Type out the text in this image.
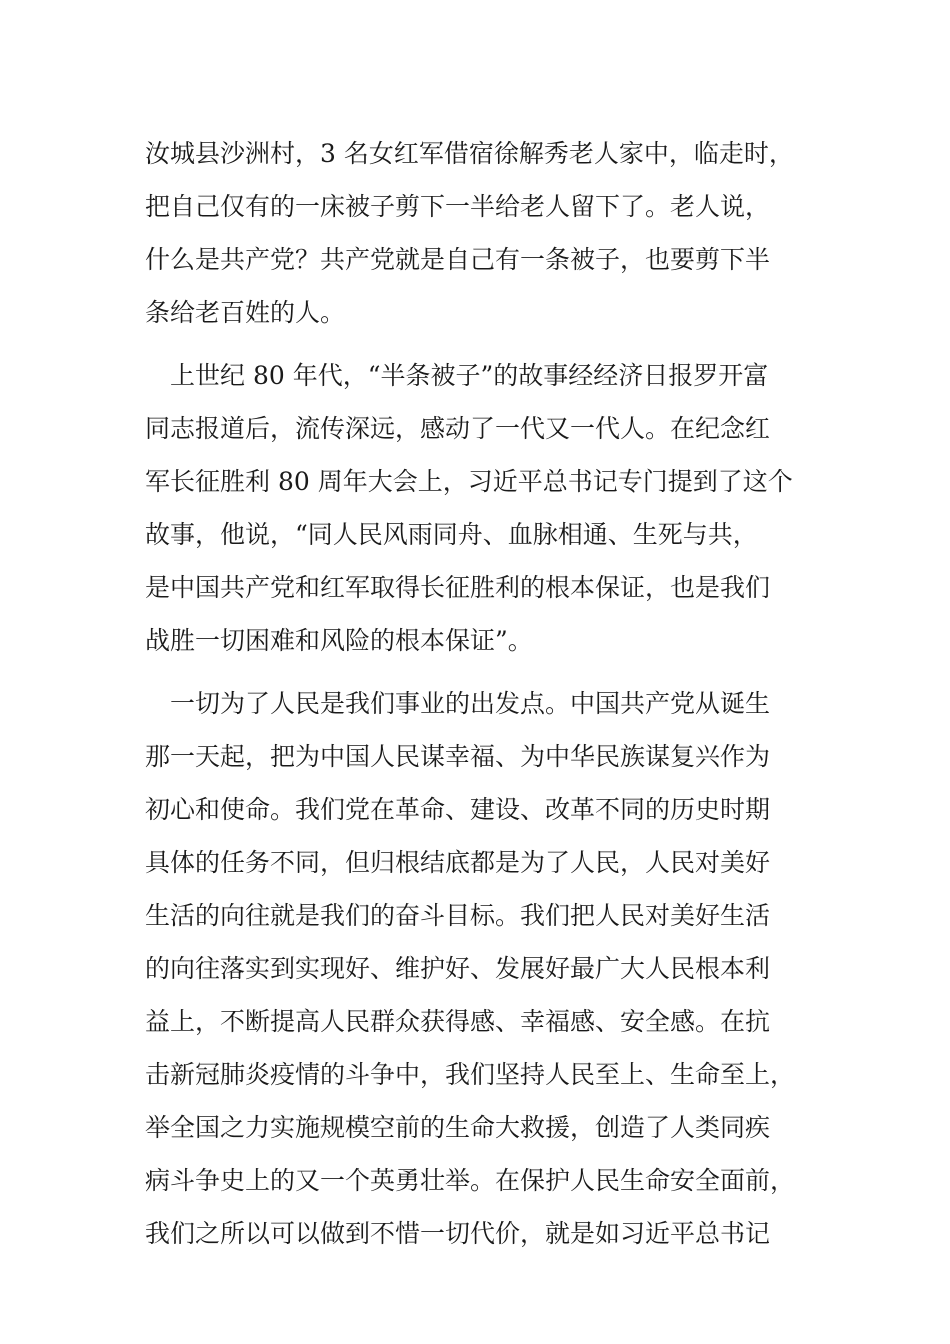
汝城县沙洲村，3 名女红军借宿徐解秀老人家中，临走时，
把自己仅有的一床被子剪下一半给老人留下了。老人说，
什么是共产党？共产党就是自己有一条被子，也要剪下半
条给老百姓的人。

　上世纪 80 年代，“半条被子”的故事经经济日报罗开富
同志报道后，流传深远，感动了一代又一代人。在纪念红
军长征胜利 80 周年大会上，习近平总书记专门提到了这个
故事，他说，“同人民风雨同舟、血脉相通、生死与共，
是中国共产党和红军取得长征胜利的根本保证，也是我们
战胜一切困难和风险的根本保证”。

　一切为了人民是我们事业的出发点。中国共产党从诞生
那一天起，把为中国人民谋幸福、为中华民族谋复兴作为
初心和使命。我们党在革命、建设、改革不同的历史时期
具体的任务不同，但归根结底都是为了人民，人民对美好
生活的向往就是我们的奋斗目标。我们把人民对美好生活
的向往落实到实现好、维护好、发展好最广大人民根本利
益上，不断提高人民群众获得感、幸福感、安全感。在抗
击新冠肺炎疫情的斗争中，我们坚持人民至上、生命至上，
举全国之力实施规模空前的生命大救援，创造了人类同疾
病斗争史上的又一个英勇壮举。在保护人民生命安全面前，
我们之所以可以做到不惜一切代价，就是如习近平总书记
